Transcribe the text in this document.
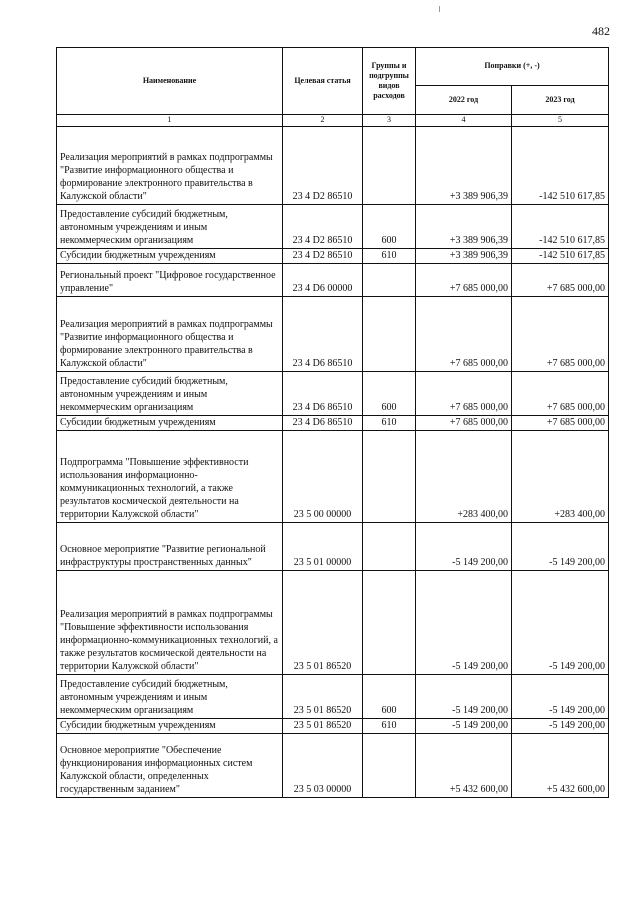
482
Наименование	Целевая статья	Группы и подгруппы видов расходов	Поправки (+, -)	
			2022 год	2023 год
1	2	3	4	5
Реализация мероприятий в рамках подпрограммы "Развитие информационного общества и формирование электронного правительства в Калужской области"	23 4 D2 86510		+3 389 906,39	-142 510 617,85
Предоставление субсидий бюджетным, автономным учреждениям и иным некоммерческим организациям	23 4 D2 86510	600	+3 389 906,39	-142 510 617,85
Субсидии бюджетным учреждениям	23 4 D2 86510	610	+3 389 906,39	-142 510 617,85
Региональный проект "Цифровое государственное управление"	23 4 D6 00000		+7 685 000,00	+7 685 000,00
Реализация мероприятий в рамках подпрограммы "Развитие информационного общества и формирование электронного правительства в Калужской области"	23 4 D6 86510		+7 685 000,00	+7 685 000,00
Предоставление субсидий бюджетным, автономным учреждениям и иным некоммерческим организациям	23 4 D6 86510	600	+7 685 000,00	+7 685 000,00
Субсидии бюджетным учреждениям	23 4 D6 86510	610	+7 685 000,00	+7 685 000,00
Подпрограмма "Повышение эффективности использования информационно-коммуникационных технологий, а также результатов космической деятельности на территории Калужской области"	23 5 00 00000		+283 400,00	+283 400,00
Основное мероприятие "Развитие региональной инфраструктуры пространственных данных"	23 5 01 00000		-5 149 200,00	-5 149 200,00
Реализация мероприятий в рамках подпрограммы "Повышение эффективности использования информационно-коммуникационных технологий, а также результатов космической деятельности на территории Калужской области"	23 5 01 86520		-5 149 200,00	-5 149 200,00
Предоставление субсидий бюджетным, автономным учреждениям и иным некоммерческим организациям	23 5 01 86520	600	-5 149 200,00	-5 149 200,00
Субсидии бюджетным учреждениям	23 5 01 86520	610	-5 149 200,00	-5 149 200,00
Основное мероприятие "Обеспечение функционирования информационных систем Калужской области, определенных государственным заданием"	23 5 03 00000		+5 432 600,00	+5 432 600,00
